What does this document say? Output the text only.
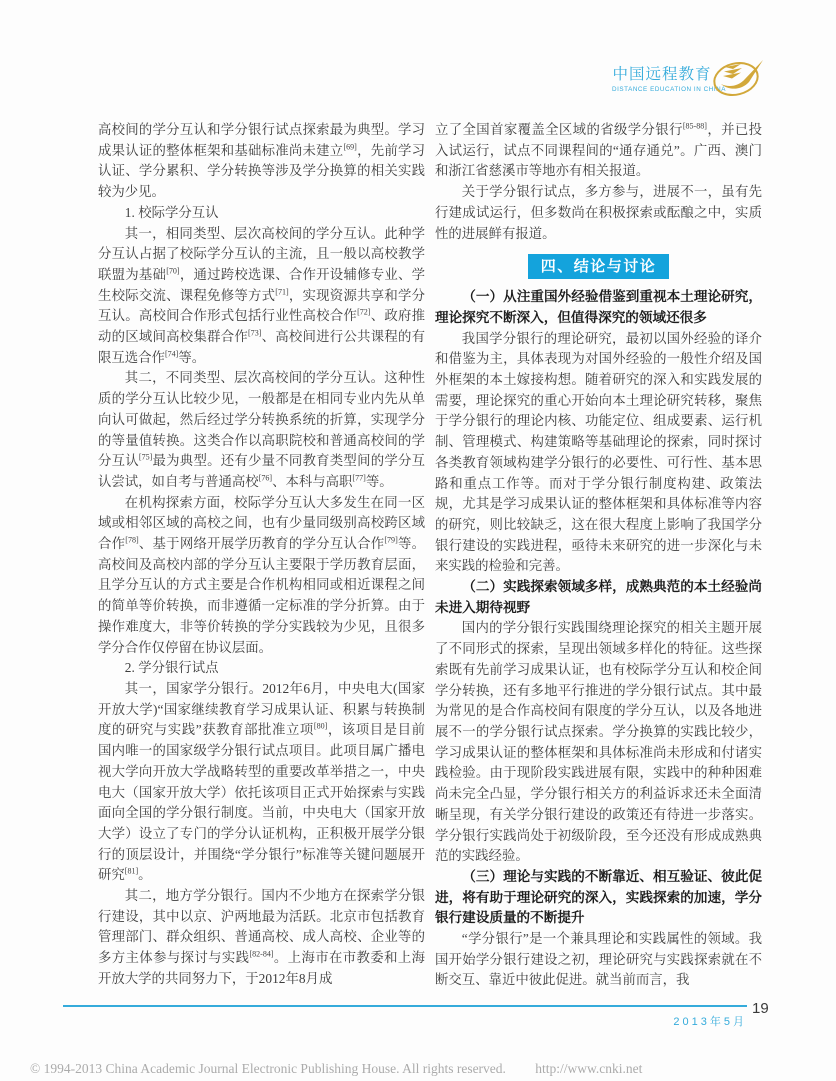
中国远程教育
DISTANCE EDUCATION IN CHINA

高校间的学分互认和学分银行试点探索最为典型。学习成果认证的整体框架和基础标准尚未建立[69]，先前学习认证、学分累积、学分转换等涉及学分换算的相关实践较为少见。

1. 校际学分互认

其一，相同类型、层次高校间的学分互认。此种学分互认占据了校际学分互认的主流，且一般以高校教学联盟为基础[70]，通过跨校选课、合作开设辅修专业、学生校际交流、课程免修等方式[71]，实现资源共享和学分互认。高校间合作形式包括行业性高校合作[72]、政府推动的区域间高校集群合作[73]、高校间进行公共课程的有限互选合作[74]等。

其二，不同类型、层次高校间的学分互认。这种性质的学分互认比较少见，一般都是在相同专业内先从单向认可做起，然后经过学分转换系统的折算，实现学分的等量值转换。这类合作以高职院校和普通高校间的学分互认[75]最为典型。还有少量不同教育类型间的学分互认尝试，如自考与普通高校[76]、本科与高职[77]等。

在机构探索方面，校际学分互认大多发生在同一区域或相邻区域的高校之间，也有少量同级别高校跨区域合作[78]、基于网络开展学历教育的学分互认合作[79]等。高校间及高校内部的学分互认主要限于学历教育层面，且学分互认的方式主要是合作机构相同或相近课程之间的简单等价转换，而非遵循一定标准的学分折算。由于操作难度大，非等价转换的学分实践较为少见，且很多学分合作仅停留在协议层面。

2. 学分银行试点

其一，国家学分银行。2012年6月，中央电大(国家开放大学)“国家继续教育学习成果认证、积累与转换制度的研究与实践”获教育部批准立项[80]，该项目是目前国内唯一的国家级学分银行试点项目。此项目属广播电视大学向开放大学战略转型的重要改革举措之一，中央电大（国家开放大学）依托该项目正式开始探索与实践面向全国的学分银行制度。当前，中央电大（国家开放大学）设立了专门的学分认证机构，正积极开展学分银行的顶层设计，并围绕“学分银行”标准等关键问题展开研究[81]。

其二，地方学分银行。国内不少地方在探索学分银行建设，其中以京、沪两地最为活跃。北京市包括教育管理部门、群众组织、普通高校、成人高校、企业等的多方主体参与探讨与实践[82-84]。上海市在市教委和上海开放大学的共同努力下，于2012年8月成

立了全国首家覆盖全区域的省级学分银行[85-88]，并已投入试运行，试点不同课程间的“通存通兑”。广西、澳门和浙江省慈溪市等地亦有相关报道。

关于学分银行试点，多方参与，进展不一，虽有先行建成试运行，但多数尚在积极探索或酝酿之中，实质性的进展鲜有报道。

四、结论与讨论

（一）从注重国外经验借鉴到重视本土理论研究，理论探究不断深入，但值得深究的领域还很多

我国学分银行的理论研究，最初以国外经验的译介和借鉴为主，具体表现为对国外经验的一般性介绍及国外框架的本土嫁接构想。随着研究的深入和实践发展的需要，理论探究的重心开始向本土理论研究转移，聚焦于学分银行的理论内核、功能定位、组成要素、运行机制、管理模式、构建策略等基础理论的探索，同时探讨各类教育领域构建学分银行的必要性、可行性、基本思路和重点工作等。而对于学分银行制度构建、政策法规，尤其是学习成果认证的整体框架和具体标准等内容的研究，则比较缺乏，这在很大程度上影响了我国学分银行建设的实践进程，亟待未来研究的进一步深化与未来实践的检验和完善。

（二）实践探索领域多样，成熟典范的本土经验尚未进入期待视野

国内的学分银行实践围绕理论探究的相关主题开展了不同形式的探索，呈现出领域多样化的特征。这些探索既有先前学习成果认证，也有校际学分互认和校企间学分转换，还有多地平行推进的学分银行试点。其中最为常见的是合作高校间有限度的学分互认，以及各地进展不一的学分银行试点探索。学分换算的实践比较少，学习成果认证的整体框架和具体标准尚未形成和付诸实践检验。由于现阶段实践进展有限，实践中的种种困难尚未完全凸显，学分银行相关方的利益诉求还未全面清晰呈现，有关学分银行建设的政策还有待进一步落实。学分银行实践尚处于初级阶段，至今还没有形成成熟典范的实践经验。

（三）理论与实践的不断靠近、相互验证、彼此促进，将有助于理论研究的深入，实践探索的加速，学分银行建设质量的不断提升

“学分银行”是一个兼具理论和实践属性的领域。我国开始学分银行建设之初，理论研究与实践探索就在不断交互、靠近中彼此促进。就当前而言，我

19
2013年5月
© 1994-2013 China Academic Journal Electronic Publishing House. All rights reserved. http://www.cnki.net
